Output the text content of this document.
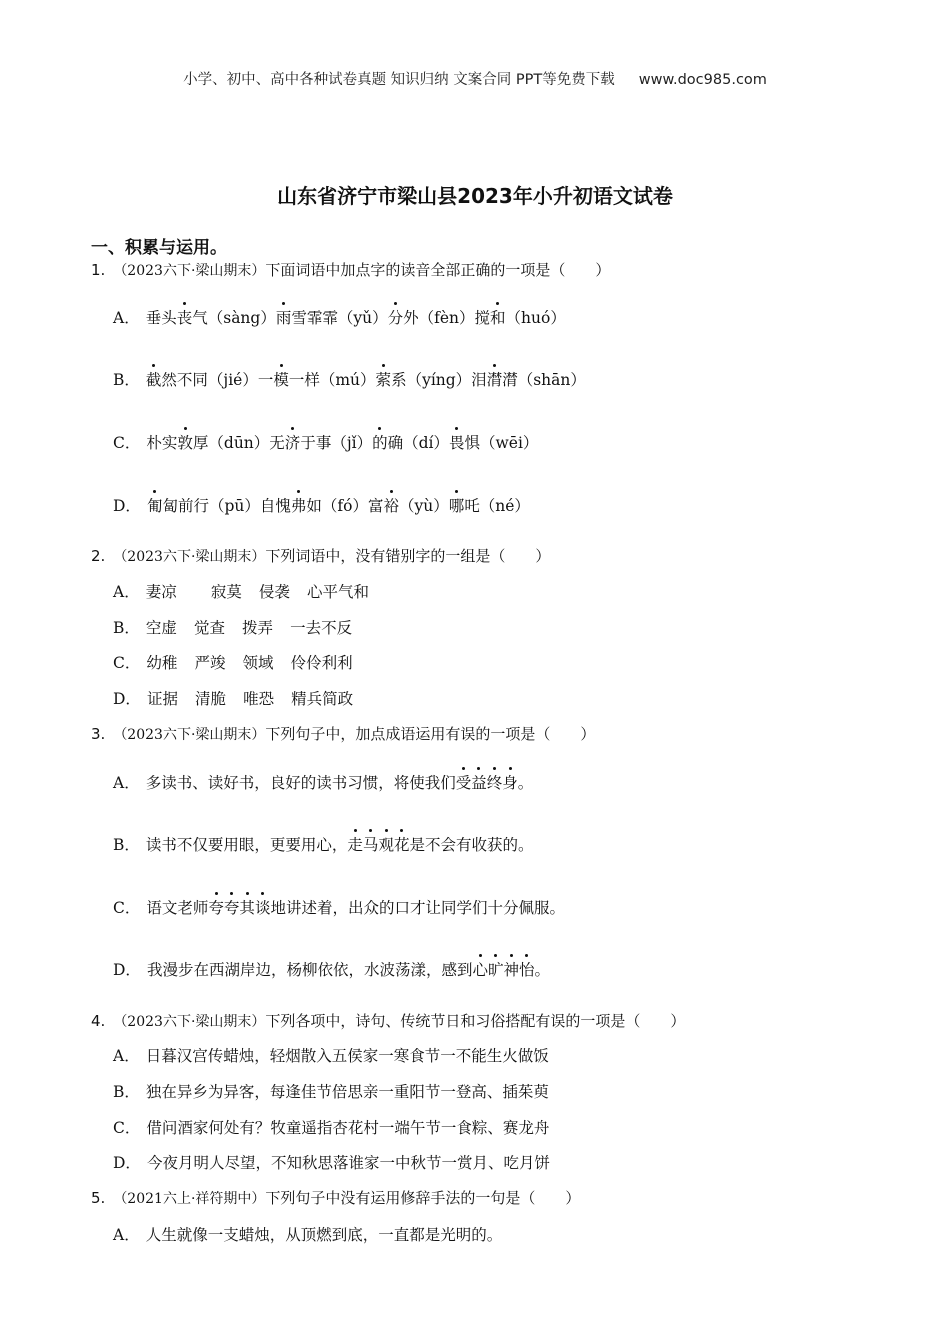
小学、初中、高中各种试卷真题 知识归纳 文案合同 PPT等免费下载 www.doc985.com
山东省济宁市梁山县2023年小升初语文试卷
一、积累与运用。
1. （2023六下·梁山期末）下面词语中加点字的读音全部正确的一项是（　　）
A． 垂头丧气（sàng）雨雪霏霏（yǔ）分外（fèn）搅和（huó）
B． 截然不同（jié）一模一样（mú）萦系（yíng）泪潸潸（shān）
C． 朴实敦厚（dūn）无济于事（jǐ）的确（dí）畏惧（wēi）
D． 匍匐前行（pū）自愧弗如（fó）富裕（yù）哪吒（né）
2. （2023六下·梁山期末）下列词语中，没有错别字的一组是（　　）
A． 妻凉 寂莫 侵袭 心平气和
B． 空虚 觉查 拨弄 一去不反
C． 幼稚 严竣 领域 伶伶利利
D． 证据 清脆 唯恐 精兵简政
3. （2023六下·梁山期末）下列句子中，加点成语运用有误的一项是（　　）
A． 多读书、读好书，良好的读书习惯，将使我们受益终身。
B． 读书不仅要用眼，更要用心，走马观花是不会有收获的。
C． 语文老师夸夸其谈地讲述着，出众的口才让同学们十分佩服。
D． 我漫步在西湖岸边，杨柳依依，水波荡漾，感到心旷神怡。
4. （2023六下·梁山期末）下列各项中，诗句、传统节日和习俗搭配有误的一项是（　　）
A． 日暮汉宫传蜡烛，轻烟散入五侯家一寒食节一不能生火做饭
B． 独在异乡为异客，每逢佳节倍思亲一重阳节一登高、插茱萸
C． 借问酒家何处有？牧童遥指杏花村一端午节一食粽、赛龙舟
D． 今夜月明人尽望，不知秋思落谁家一中秋节一赏月、吃月饼
5. （2021六上·祥符期中）下列句子中没有运用修辞手法的一句是（　　）
A． 人生就像一支蜡烛，从顶燃到底，一直都是光明的。
